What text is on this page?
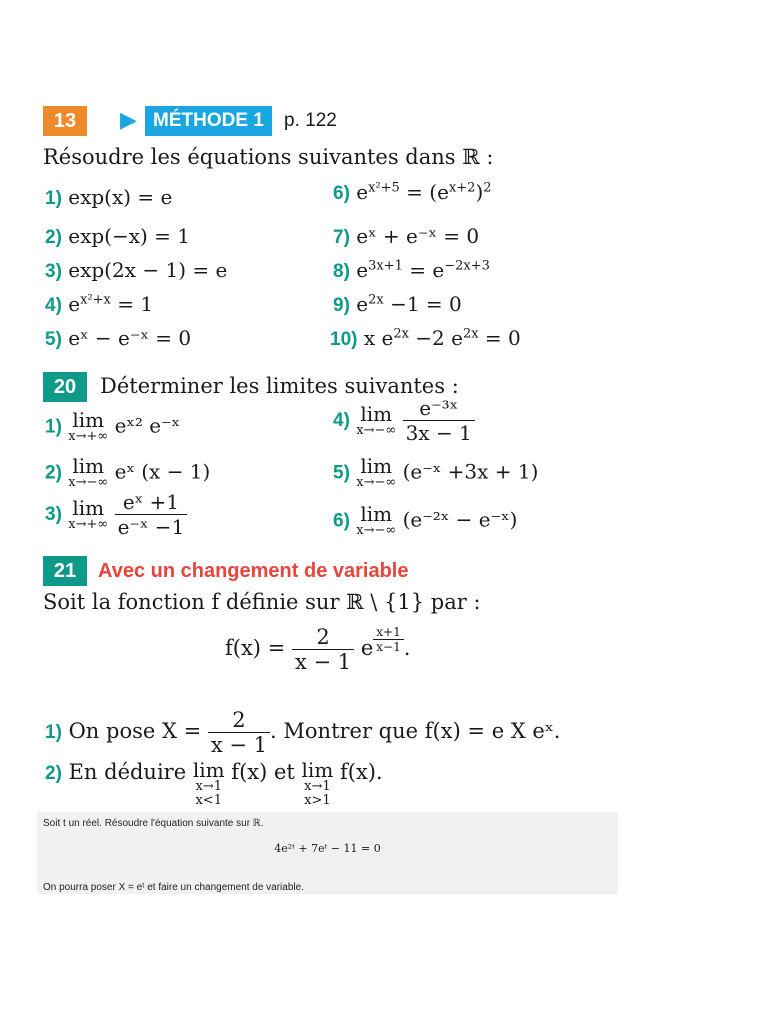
13	▶ MÉTHODE 1	p. 122
Résoudre les équations suivantes dans ℝ :
1) exp(x) = e
2) exp(−x) = 1
3) exp(2x − 1) = e
4) $e^{x^2+x} = 1$
5) eˣ − e⁻ˣ = 0
6) $e^{x^2+5} = (e^{x+2})^2$
7) eˣ + e⁻ˣ = 0
8) $e^{3x+1} = e^{-2x+3}$
9) $e^{2x} -1 = 0$
10) x $e^{2x} -2$ $e^{2x} = 0$
20	Déterminer les limites suivantes :
1) lim
x→+∞ eˣ² e⁻ˣ
2) lim
x→−∞ eˣ (x − 1)
3) lim
x→+∞
$\frac{\text{eˣ +1}}{\text{e⁻ˣ −1}}$
4) lim
x→−∞
$\frac{\text{e⁻³ˣ}}{3x - 1}$
5) lim
x→−∞ (e⁻ˣ +3x + 1)
6) lim
x→−∞ (e⁻²ˣ − e⁻ˣ)
21	Avec un changement de variable
Soit la fonction f définie sur ℝ \ {1} par :
$f(x) = \frac{2}{x - 1}$ e $\frac{x+1}{x-1}$ .
1) On pose $X = \frac{2}{x - 1}$ . Montrer que f(x) = e X eˣ.
2) En déduire lim
x→1
x<1
f(x) et lim
x→1
x>1
f(x).
Soit t un réel. Résoudre l'équation suivante sur ℝ.
4e²ᵗ + 7eᵗ − 11 = 0
On pourra poser X = eᵗ et faire un changement de variable.
